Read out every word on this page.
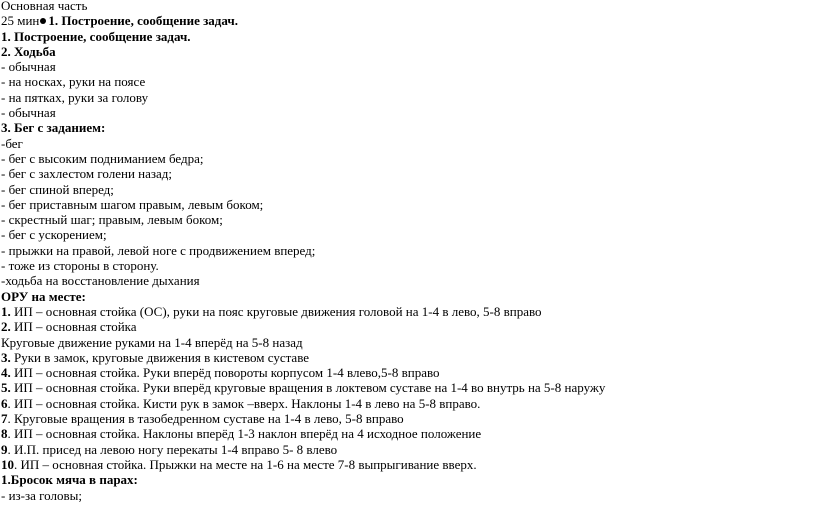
Основная часть
25 мин 1. Построение, сообщение задач.
1. Построение, сообщение задач.
2. Ходьба
- обычная
- на носках, руки на поясе
- на пятках, руки за голову
- обычная
3. Бег с заданием:
-бег
- бег с высоким подниманием бедра;
- бег с захлестом голени назад;
- бег спиной вперед;
- бег приставным шагом правым, левым боком;
- скрестный шаг; правым, левым боком;
- бег с ускорением;
- прыжки на правой, левой ноге с продвижением вперед;
- тоже из стороны в сторону.
-ходьба на восстановление дыхания
ОРУ на месте:
1. ИП – основная стойка (ОС), руки на пояс круговые движения головой на 1-4 в лево, 5-8 вправо
2. ИП – основная стойка
Круговые движение руками на 1-4 вперёд на 5-8 назад
3. Руки в замок, круговые движения в кистевом суставе
4. ИП – основная стойка. Руки вперёд повороты корпусом 1-4 влево,5-8 вправо
5. ИП – основная стойка. Руки вперёд круговые вращения в локтевом суставе на 1-4 во внутрь на 5-8 наружу
6. ИП – основная стойка. Кисти рук в замок –вверх. Наклоны 1-4 в лево на 5-8 вправо.
7. Круговые вращения в тазобедренном суставе на 1-4 в лево, 5-8 вправо
8. ИП – основная стойка. Наклоны вперёд 1-3 наклон вперёд на 4 исходное положение
9. И.П. присед на левою ногу перекаты 1-4 вправо 5- 8 влево
10. ИП – основная стойка. Прыжки на месте на 1-6 на месте 7-8 выпрыгивание вверх.
1.Бросок мяча в парах:
- из-за головы;
